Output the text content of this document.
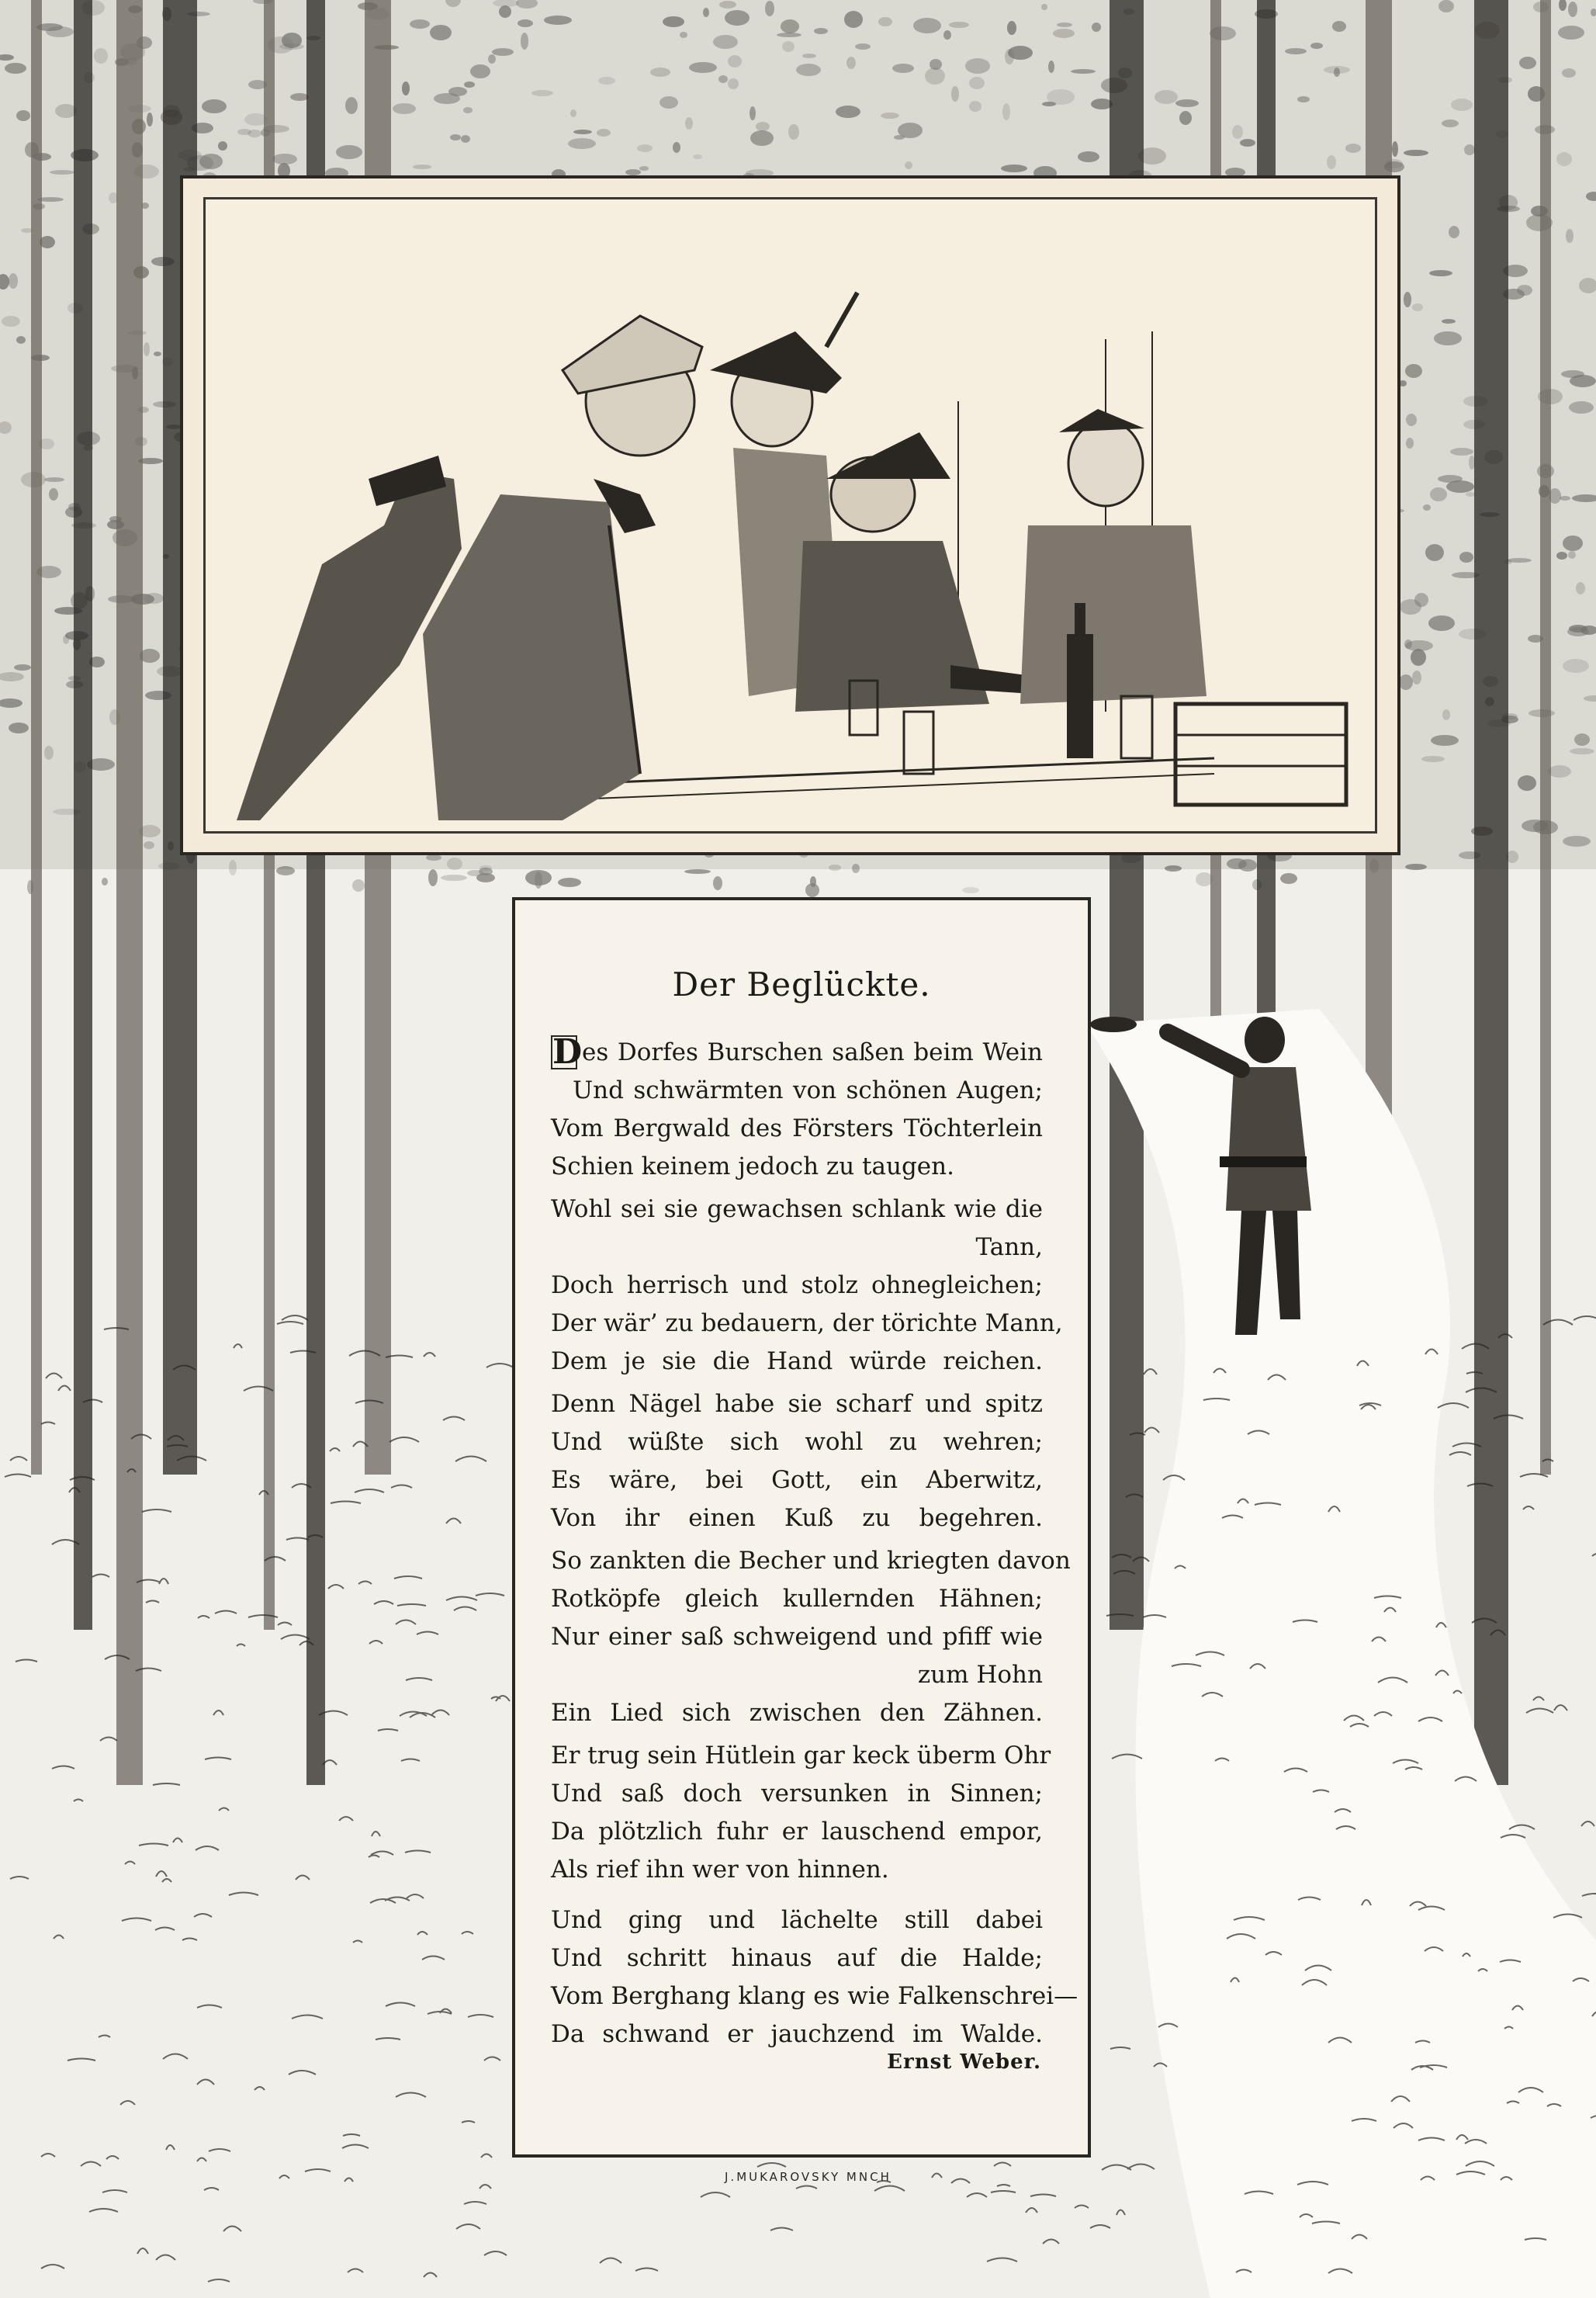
Der Beglückte.
Des Dorfes Burschen saßen beim Wein
Und schwärmten von schönen Augen;
Vom Bergwald des Försters Töchterlein
Schien keinem jedoch zu taugen.
Wohl sei sie gewachsen schlank wie die
Tann,
Doch herrisch und stolz ohnegleichen;
Der wär’ zu bedauern, der törichte Mann,
Dem je sie die Hand würde reichen.
Denn Nägel habe sie scharf und spitz
Und wüßte sich wohl zu wehren;
Es wäre, bei Gott, ein Aberwitz,
Von ihr einen Kuß zu begehren.
So zankten die Becher und kriegten davon
Rotköpfe gleich kullernden Hähnen;
Nur einer saß schweigend und pfiff wie
zum Hohn
Ein Lied sich zwischen den Zähnen.
Er trug sein Hütlein gar keck überm Ohr
Und saß doch versunken in Sinnen;
Da plötzlich fuhr er lauschend empor,
Als rief ihn wer von hinnen.
Und ging und lächelte still dabei
Und schritt hinaus auf die Halde;
Vom Berghang klang es wie Falkenschrei—
Da schwand er jauchzend im Walde.
Ernst Weber.
J.MUKAROVSKY MNCH
